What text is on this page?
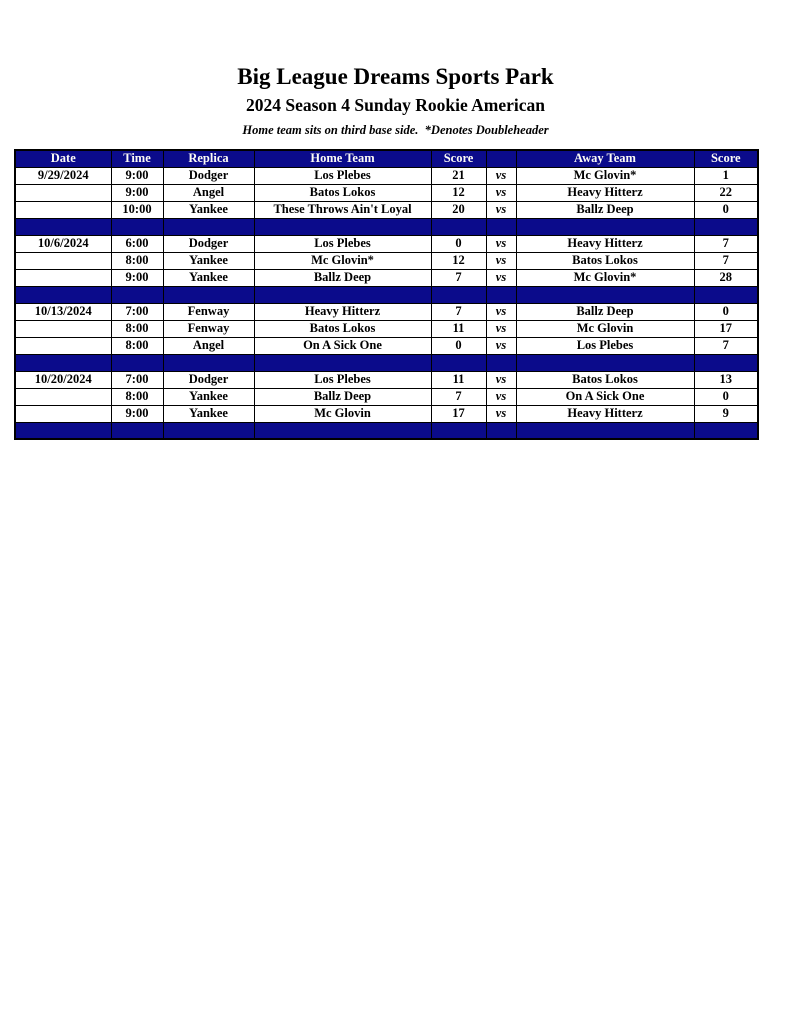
Big League Dreams Sports Park
2024 Season 4 Sunday Rookie American
Home team sits on third base side.  *Denotes Doubleheader
Date	Time	Replica	Home Team	Score		Away Team	Score
9/29/2024	9:00	Dodger	Los Plebes	21	vs	Mc Glovin*	1
	9:00	Angel	Batos Lokos	12	vs	Heavy Hitterz	22
	10:00	Yankee	These Throws Ain't Loyal	20	vs	Ballz Deep	0

10/6/2024	6:00	Dodger	Los Plebes	0	vs	Heavy Hitterz	7
	8:00	Yankee	Mc Glovin*	12	vs	Batos Lokos	7
	9:00	Yankee	Ballz Deep	7	vs	Mc Glovin*	28

10/13/2024	7:00	Fenway	Heavy Hitterz	7	vs	Ballz Deep	0
	8:00	Fenway	Batos Lokos	11	vs	Mc Glovin	17
	8:00	Angel	On A Sick One	0	vs	Los Plebes	7

10/20/2024	7:00	Dodger	Los Plebes	11	vs	Batos Lokos	13
	8:00	Yankee	Ballz Deep	7	vs	On A Sick One	0
	9:00	Yankee	Mc Glovin	17	vs	Heavy Hitterz	9
